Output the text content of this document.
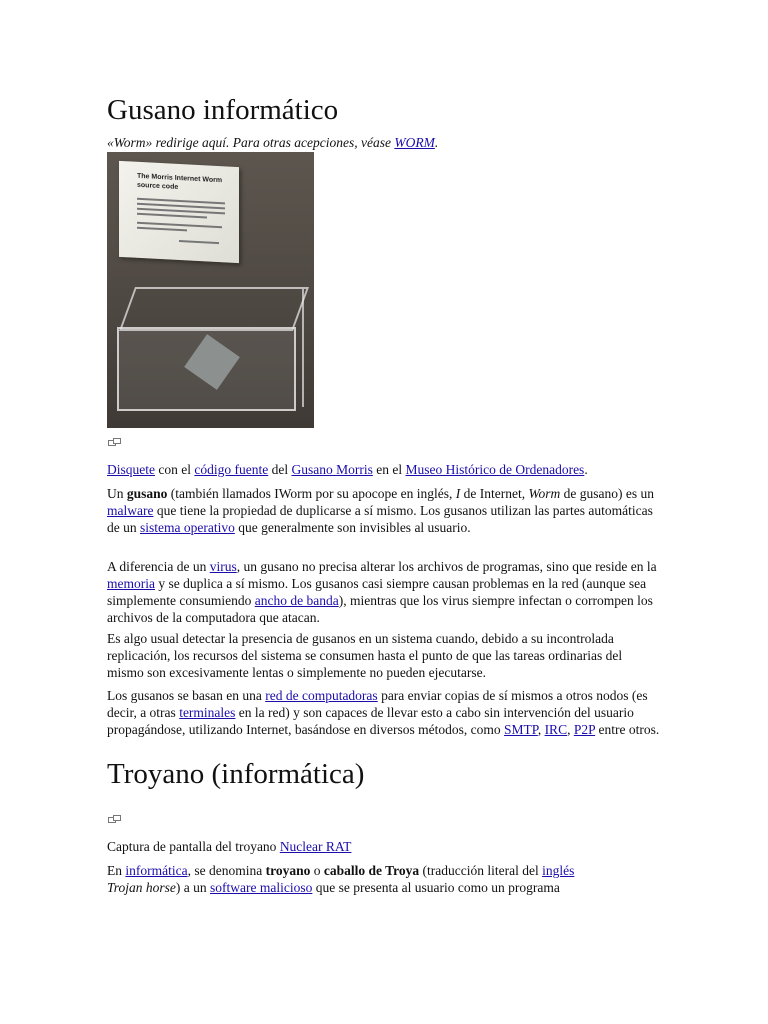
Gusano informático
«Worm» redirige aquí. Para otras acepciones, véase WORM.
The Morris Internet Worm
source code

Disquete con el código fuente del Gusano Morris en el Museo Histórico de Ordenadores.

Un gusano (también llamados IWorm por su apocope en inglés, I de Internet, Worm de gusano) es un malware que tiene la propiedad de duplicarse a sí mismo. Los gusanos utilizan las partes automáticas de un sistema operativo que generalmente son invisibles al usuario.

A diferencia de un virus, un gusano no precisa alterar los archivos de programas, sino que reside en la memoria y se duplica a sí mismo. Los gusanos casi siempre causan problemas en la red (aunque sea simplemente consumiendo ancho de banda), mientras que los virus siempre infectan o corrompen los archivos de la computadora que atacan.

Es algo usual detectar la presencia de gusanos en un sistema cuando, debido a su incontrolada replicación, los recursos del sistema se consumen hasta el punto de que las tareas ordinarias del mismo son excesivamente lentas o simplemente no pueden ejecutarse.

Los gusanos se basan en una red de computadoras para enviar copias de sí mismos a otros nodos (es decir, a otras terminales en la red) y son capaces de llevar esto a cabo sin intervención del usuario propagándose, utilizando Internet, basándose en diversos métodos, como SMTP, IRC, P2P entre otros.

Troyano (informática)

Captura de pantalla del troyano Nuclear RAT

En informática, se denomina troyano o caballo de Troya (traducción literal del inglés
Trojan horse) a un software malicioso que se presenta al usuario como un programa
